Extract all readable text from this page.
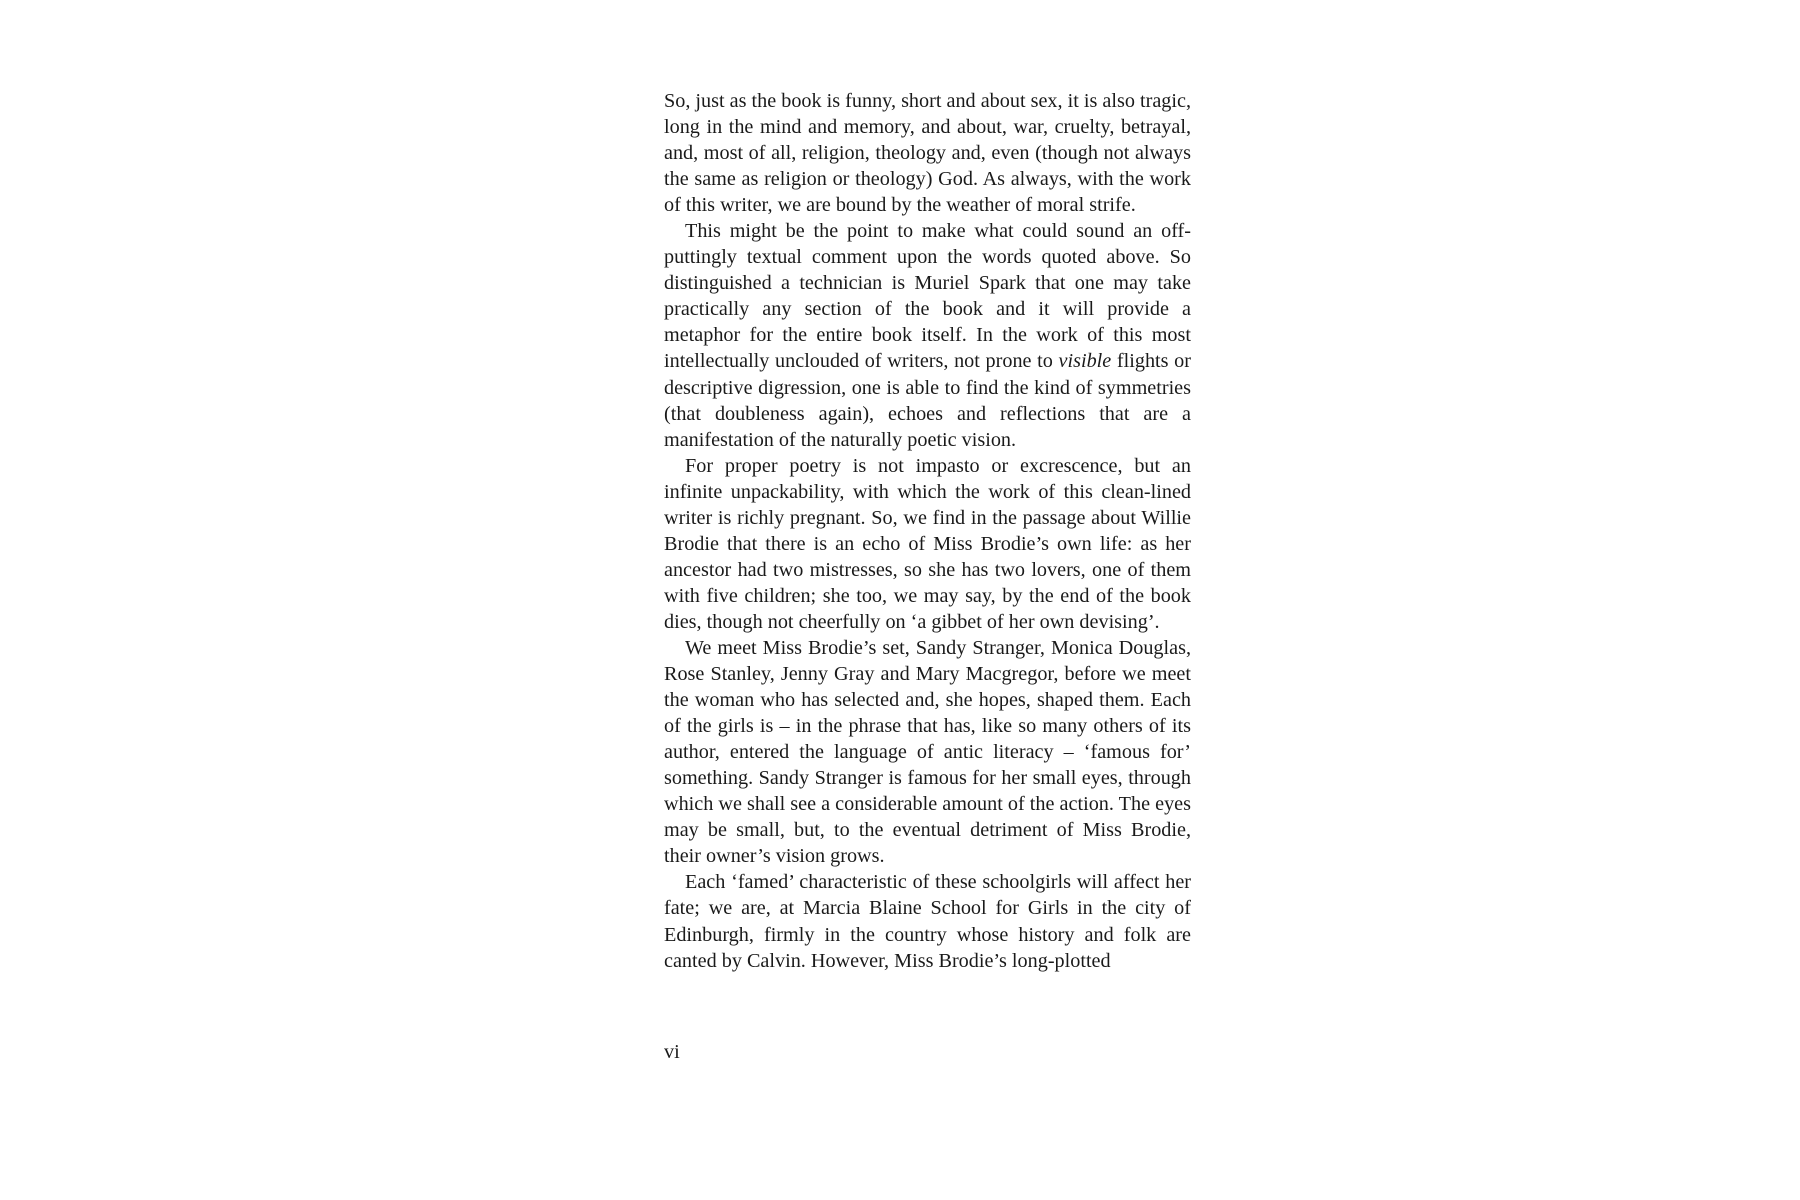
So, just as the book is funny, short and about sex, it is also tragic, long in the mind and memory, and about, war, cruelty, betrayal, and, most of all, religion, theology and, even (though not always the same as religion or theology) God. As always, with the work of this writer, we are bound by the weather of moral strife.

This might be the point to make what could sound an off-puttingly textual comment upon the words quoted above. So distinguished a technician is Muriel Spark that one may take practically any section of the book and it will provide a metaphor for the entire book itself. In the work of this most intellectually unclouded of writers, not prone to visible flights or descriptive digression, one is able to find the kind of symmetries (that doubleness again), echoes and reflections that are a manifestation of the naturally poetic vision.

For proper poetry is not impasto or excrescence, but an infinite unpackability, with which the work of this clean-lined writer is richly pregnant. So, we find in the passage about Willie Brodie that there is an echo of Miss Brodie’s own life: as her ancestor had two mistresses, so she has two lovers, one of them with five children; she too, we may say, by the end of the book dies, though not cheerfully on ‘a gibbet of her own devising’.

We meet Miss Brodie’s set, Sandy Stranger, Monica Douglas, Rose Stanley, Jenny Gray and Mary Macgregor, before we meet the woman who has selected and, she hopes, shaped them. Each of the girls is – in the phrase that has, like so many others of its author, entered the language of antic literacy – ‘famous for’ something. Sandy Stranger is famous for her small eyes, through which we shall see a considerable amount of the action. The eyes may be small, but, to the eventual detriment of Miss Brodie, their owner’s vision grows.

Each ‘famed’ characteristic of these schoolgirls will affect her fate; we are, at Marcia Blaine School for Girls in the city of Edinburgh, firmly in the country whose history and folk are canted by Calvin. However, Miss Brodie’s long-plotted

vi
